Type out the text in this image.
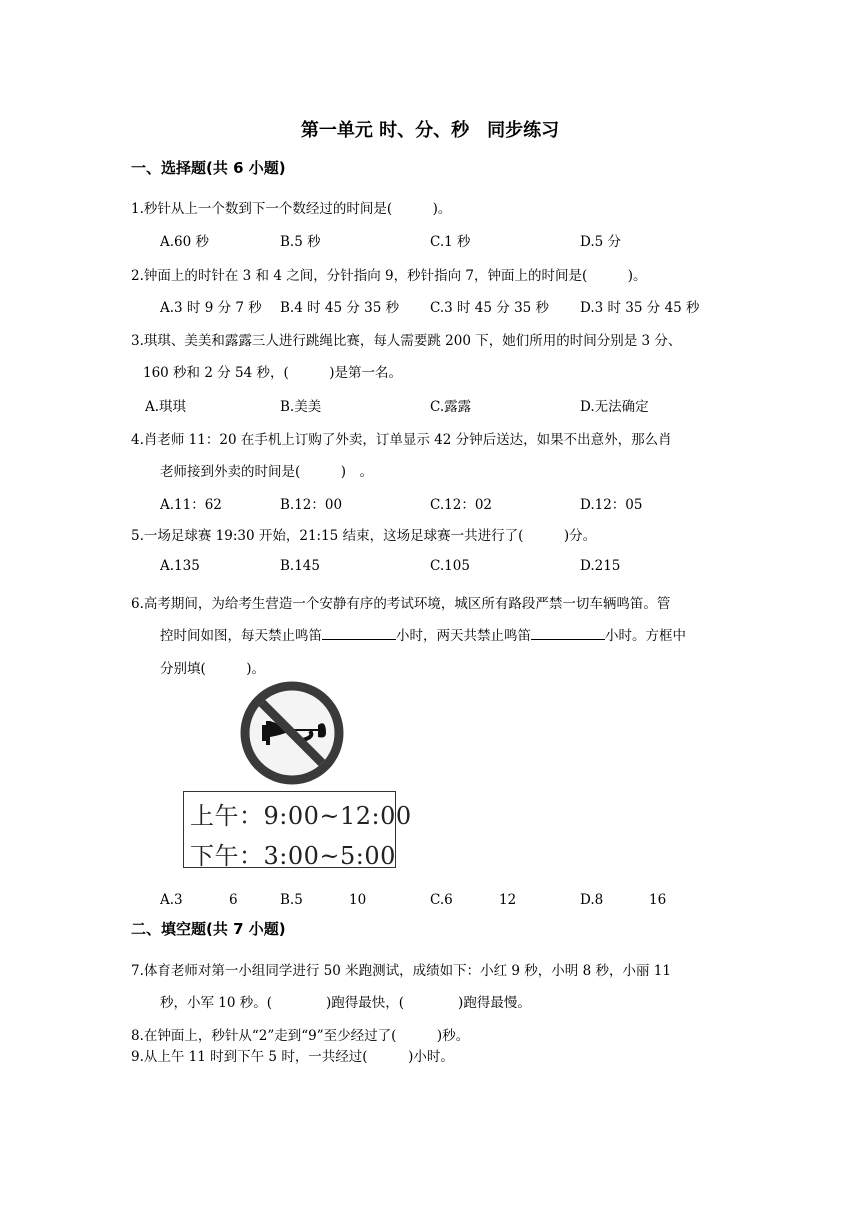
第一单元 时、分、秒　同步练习
一、选择题(共 6 小题)
1.秒针从上一个数到下一个数经过的时间是(　　　)。
A.60 秒	B.5 秒	C.1 秒	D.5 分
2.钟面上的时针在 3 和 4 之间，分针指向 9，秒针指向 7，钟面上的时间是(　　　)。
A.3 时 9 分 7 秒 B.4 时 45 分 35 秒 C.3 时 45 分 35 秒 D.3 时 35 分 45 秒
3.琪琪、美美和露露三人进行跳绳比赛，每人需要跳 200 下，她们所用的时间分别是 3 分、
160 秒和 2 分 54 秒，(　　　)是第一名。
A.琪琪	B.美美	C.露露	D.无法确定
4.肖老师 11：20 在手机上订购了外卖，订单显示 42 分钟后送达，如果不出意外，那么肖
老师接到外卖的时间是(　　　)　。
A.11：62	B.12：00	C.12：02	D.12：05
5.一场足球赛 19:30 开始，21:15 结束，这场足球赛一共进行了(　　　)分。
A.135	B.145	C.105	D.215
6.高考期间，为给考生营造一个安静有序的考试环境，城区所有路段严禁一切车辆鸣笛。管
控时间如图，每天禁止鸣笛	小时，两天共禁止鸣笛	小时。方框中
分别填(　　　)。
上午：9:00~12:00
下午：3:00~5:00
A.3	6	B.5	10	C.6	12	D.8	16
二、填空题(共 7 小题)
7.体育老师对第一小组同学进行 50 米跑测试，成绩如下：小红 9 秒，小明 8 秒，小丽 11
秒，小军 10 秒。(　　　　)跑得最快，(　　　　)跑得最慢。
8.在钟面上，秒针从“2”走到“9”至少经过了(　　　)秒。
9.从上午 11 时到下午 5 时，一共经过(　　　)小时。
